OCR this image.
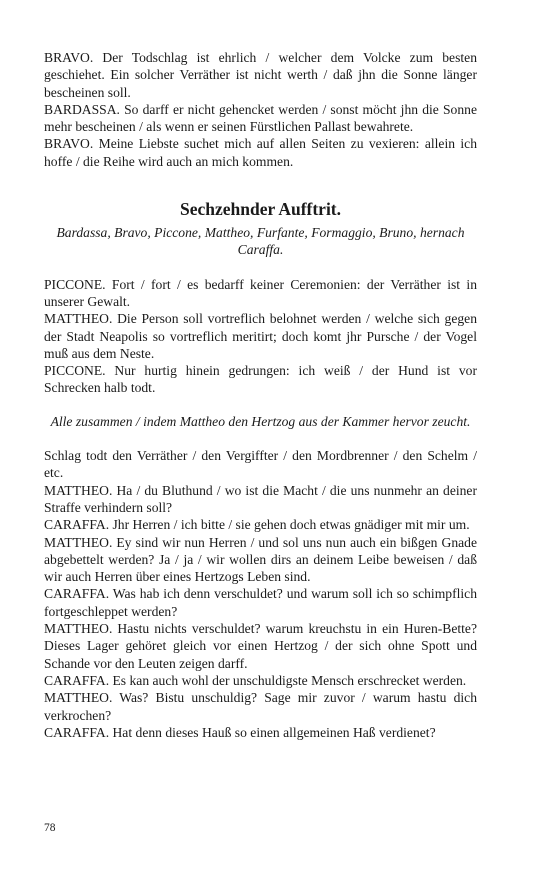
BRAVO. Der Todschlag ist ehrlich / welcher dem Volcke zum besten geschiehet. Ein solcher Verräther ist nicht werth / daß jhn die Sonne länger bescheinen soll.

BARDASSA. So darff er nicht gehencket werden / sonst möcht jhn die Sonne mehr bescheinen / als wenn er seinen Fürstlichen Pallast bewahrete.

BRAVO. Meine Liebste suchet mich auf allen Seiten zu vexieren: allein ich hoffe / die Reihe wird auch an mich kommen.

Sechzehnder Aufftrit.

Bardassa, Bravo, Piccone, Mattheo, Furfante, Formaggio, Bruno, hernach Caraffa.

PICCONE. Fort / fort / es bedarff keiner Ceremonien: der Verräther ist in unserer Gewalt.

MATTHEO. Die Person soll vortreflich belohnet werden / welche sich gegen der Stadt Neapolis so vortreflich meritirt; doch komt jhr Pursche / der Vogel muß aus dem Neste.

PICCONE. Nur hurtig hinein gedrungen: ich weiß / der Hund ist vor Schrecken halb todt.

Alle zusammen / indem Mattheo den Hertzog aus der Kammer hervor zeucht.

Schlag todt den Verräther / den Vergiffter / den Mordbrenner / den Schelm / etc.

MATTHEO. Ha / du Bluthund / wo ist die Macht / die uns nunmehr an deiner Straffe verhindern soll?

CARAFFA. Jhr Herren / ich bitte / sie gehen doch etwas gnädiger mit mir um.

MATTHEO. Ey sind wir nun Herren / und sol uns nun auch ein bißgen Gnade abgebettelt werden? Ja / ja / wir wollen dirs an deinem Leibe beweisen / daß wir auch Herren über eines Hertzogs Leben sind.

CARAFFA. Was hab ich denn verschuldet? und warum soll ich so schimpflich fortgeschleppet werden?

MATTHEO. Hastu nichts verschuldet? warum kreuchstu in ein Huren-Bette? Dieses Lager gehöret gleich vor einen Hertzog / der sich ohne Spott und Schande vor den Leuten zeigen darff.

CARAFFA. Es kan auch wohl der unschuldigste Mensch erschrecket werden.

MATTHEO. Was? Bistu unschuldig? Sage mir zuvor / warum hastu dich verkrochen?

CARAFFA. Hat denn dieses Hauß so einen allgemeinen Haß verdienet?

78
